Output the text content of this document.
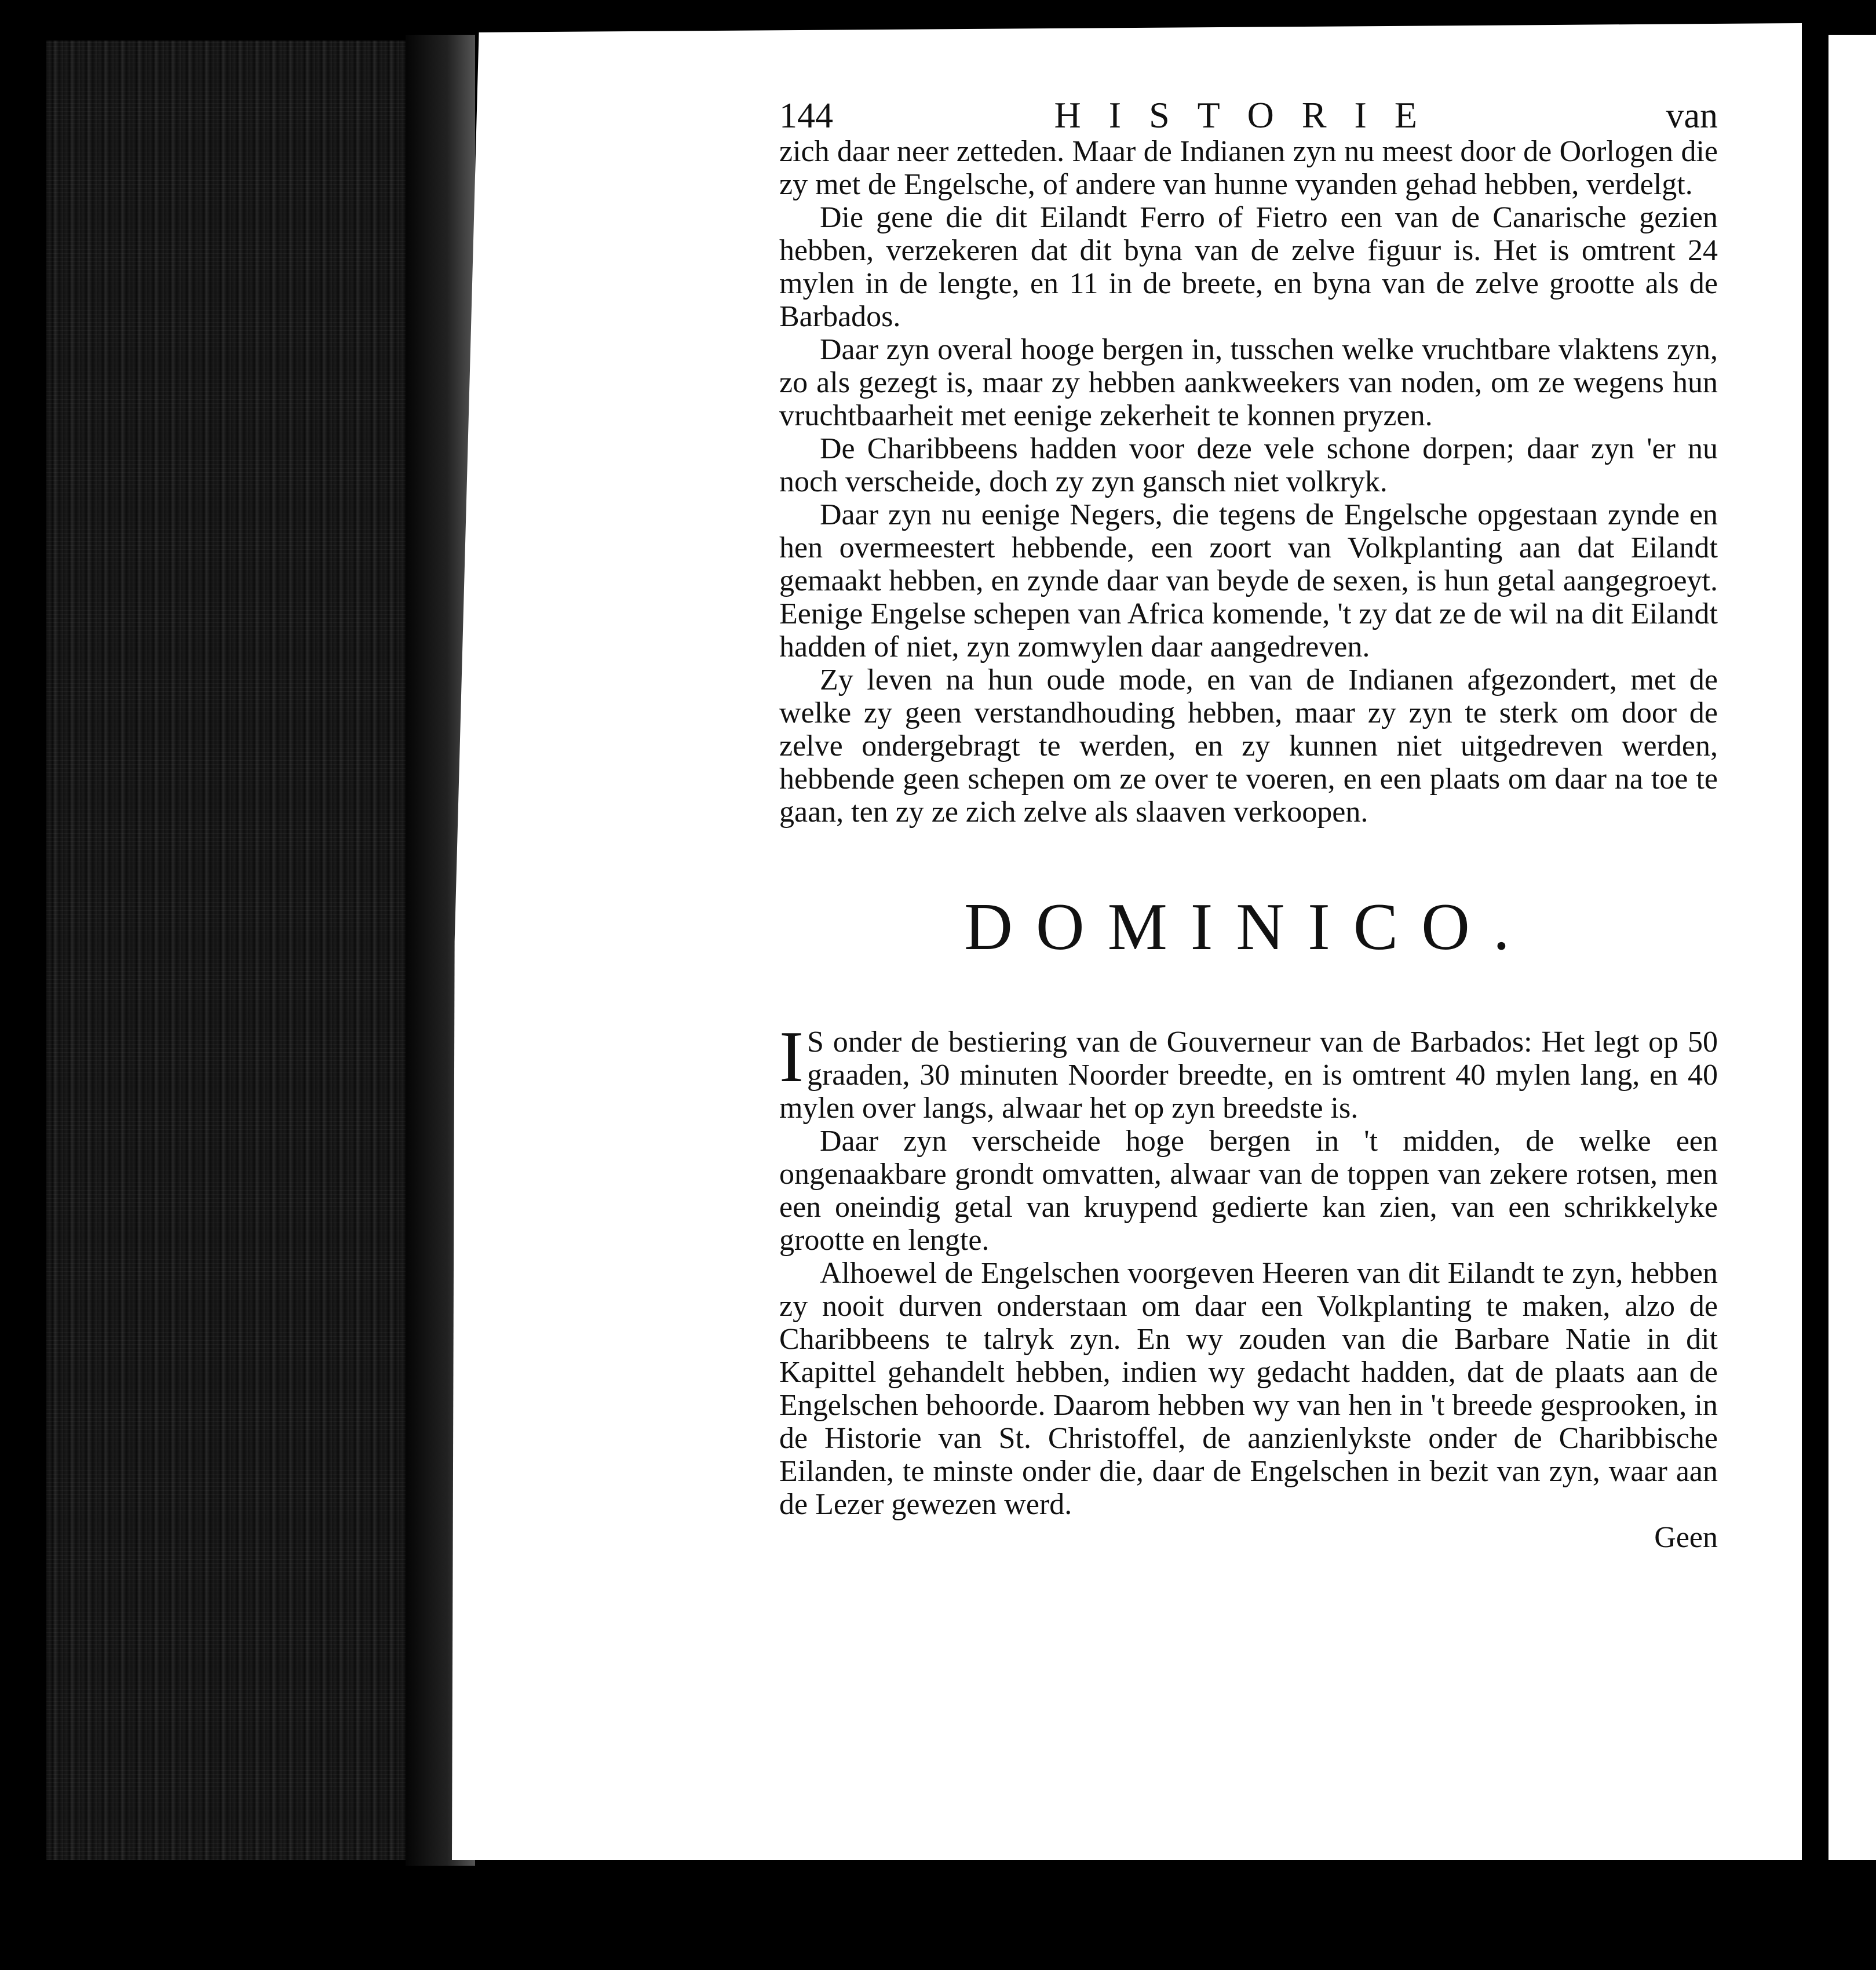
144	HISTORIE	van

zich daar neer zetteden. Maar de Indianen zyn nu meest door de Oorlogen die zy met de Engelsche, of andere van hunne vyanden gehad hebben, verdelgt.

Die gene die dit Eilandt Ferro of Fietro een van de Canarische gezien hebben, verzekeren dat dit byna van de zelve figuur is. Het is omtrent 24 mylen in de lengte, en 11 in de breete, en byna van de zelve grootte als de Barbados.

Daar zyn overal hooge bergen in, tusschen welke vruchtbare vlaktens zyn, zo als gezegt is, maar zy hebben aankweekers van noden, om ze wegens hun vruchtbaarheit met eenige zekerheit te konnen pryzen.

De Charibbeens hadden voor deze vele schone dorpen; daar zyn 'er nu noch verscheide, doch zy zyn gansch niet volkryk.

Daar zyn nu eenige Negers, die tegens de Engelsche opgestaan zynde en hen overmeestert hebbende, een zoort van Volkplanting aan dat Eilandt gemaakt hebben, en zynde daar van beyde de sexen, is hun getal aangegroeyt. Eenige Engelse schepen van Africa komende, 't zy dat ze de wil na dit Eilandt hadden of niet, zyn zomwylen daar aangedreven.

Zy leven na hun oude mode, en van de Indianen afgezondert, met de welke zy geen verstandhouding hebben, maar zy zyn te sterk om door de zelve ondergebragt te werden, en zy kunnen niet uitgedreven werden, hebbende geen schepen om ze over te voeren, en een plaats om daar na toe te gaan, ten zy ze zich zelve als slaaven verkoopen.

DOMINICO.

I S onder de bestiering van de Gouverneur van de Barbados: Het legt op 50 graaden, 30 minuten Noorder breedte, en is omtrent 40 mylen lang, en 40 mylen over langs, alwaar het op zyn breedste is.

Daar zyn verscheide hoge bergen in 't midden, de welke een ongenaakbare grondt omvatten, alwaar van de toppen van zekere rotsen, men een oneindig getal van kruypend gedierte kan zien, van een schrikkelyke grootte en lengte.

Alhoewel de Engelschen voorgeven Heeren van dit Eilandt te zyn, hebben zy nooit durven onderstaan om daar een Volkplanting te maken, alzo de Charibbeens te talryk zyn. En wy zouden van die Barbare Natie in dit Kapittel gehandelt hebben, indien wy gedacht hadden, dat de plaats aan de Engelschen behoorde. Daarom hebben wy van hen in 't breede gesprooken, in de Historie van St. Christoffel, de aanzienlykste onder de Charibbische Eilanden, te minste onder die, daar de Engelschen in bezit van zyn, waar aan de Lezer gewezen werd.

Geen
